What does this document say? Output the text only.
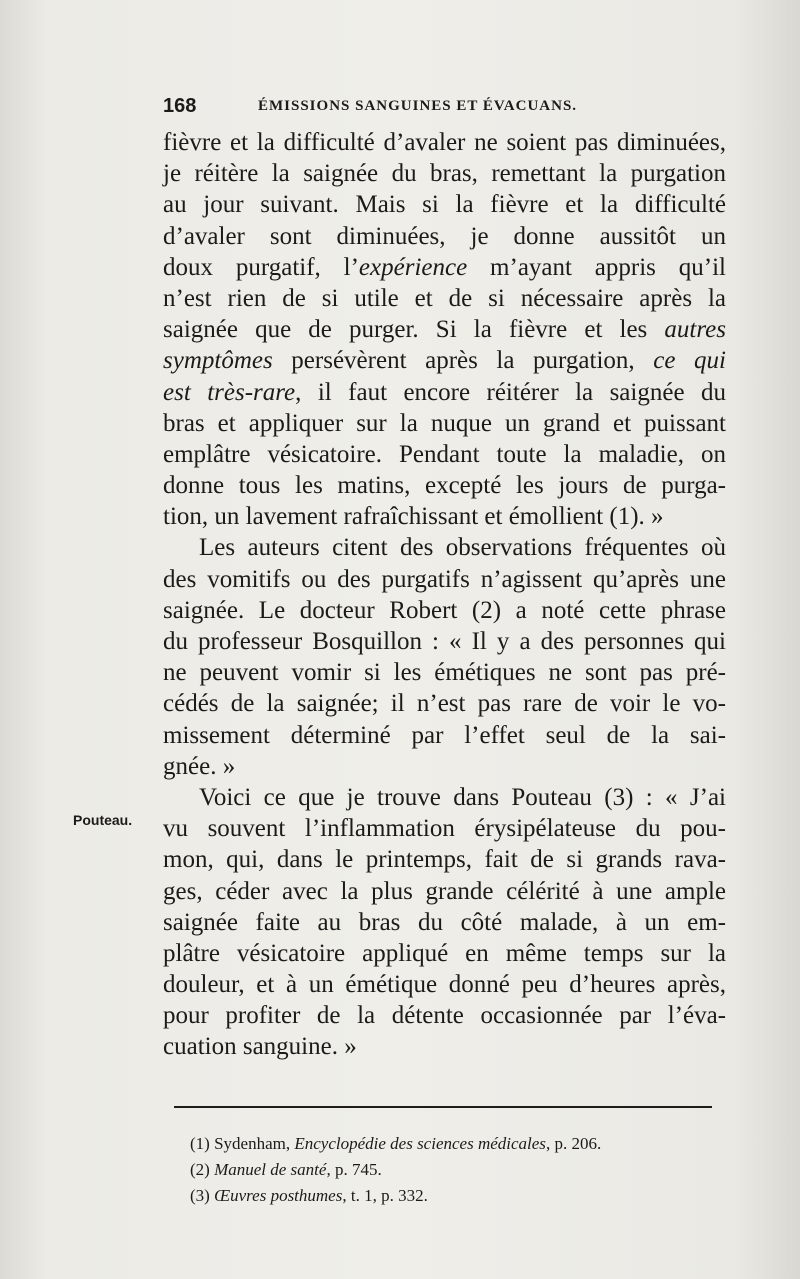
168	ÉMISSIONS SANGUINES ET ÉVACUANS.
Pouteau.
fièvre et la difficulté d’avaler ne soient pas diminuées,
je réitère la saignée du bras, remettant la purgation
au jour suivant. Mais si la fièvre et la difficulté
d’avaler sont diminuées, je donne aussitôt un
doux purgatif, l’expérience m’ayant appris qu’il
n’est rien de si utile et de si nécessaire après la
saignée que de purger. Si la fièvre et les autres
symptômes persévèrent après la purgation, ce qui
est très-rare, il faut encore réitérer la saignée du
bras et appliquer sur la nuque un grand et puissant
emplâtre vésicatoire. Pendant toute la maladie, on
donne tous les matins, excepté les jours de purga-
tion, un lavement rafraîchissant et émollient (1). »
Les auteurs citent des observations fréquentes où
des vomitifs ou des purgatifs n’agissent qu’après une
saignée. Le docteur Robert (2) a noté cette phrase
du professeur Bosquillon : « Il y a des personnes qui
ne peuvent vomir si les émétiques ne sont pas pré-
cédés de la saignée; il n’est pas rare de voir le vo-
missement déterminé par l’effet seul de la sai-
gnée. »
Voici ce que je trouve dans Pouteau (3) : « J’ai
vu souvent l’inflammation érysipélateuse du pou-
mon, qui, dans le printemps, fait de si grands rava-
ges, céder avec la plus grande célérité à une ample
saignée faite au bras du côté malade, à un em-
plâtre vésicatoire appliqué en même temps sur la
douleur, et à un émétique donné peu d’heures après,
pour profiter de la détente occasionnée par l’éva-
cuation sanguine. »
(1) Sydenham, Encyclopédie des sciences médicales, p. 206.
(2) Manuel de santé, p. 745.
(3) Œuvres posthumes, t. 1, p. 332.
